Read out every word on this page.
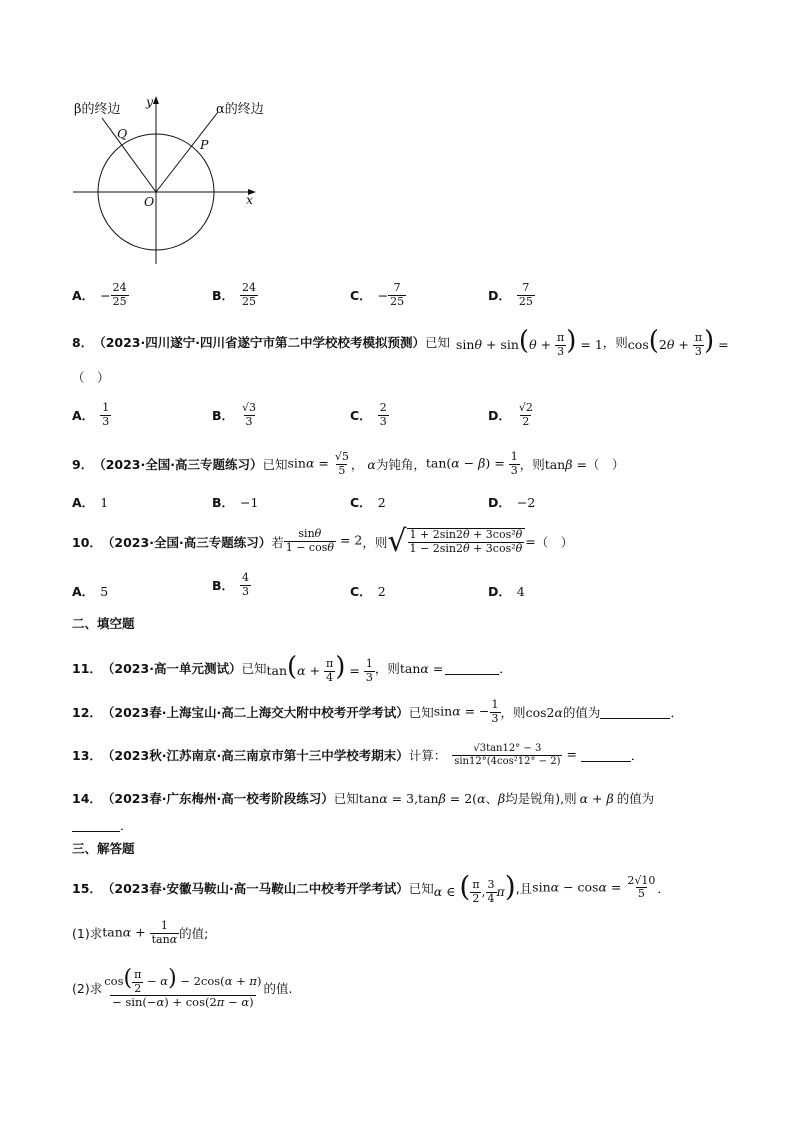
β的终边	α的终边
y
x
Q
P
O
A． − $\frac{24}{25}$	B． $\frac{24}{25}$	C． − $\frac{7}{25}$	D． $\frac{7}{25}$
8． （2023·四川遂宁·四川省遂宁市第二中学校校考模拟预测） 已知 $\sin\theta + \sin(\theta + \frac{\pi}{3}$ ) = 1 ，则 $\cos(2\theta + \frac{\pi}{3}$ ) =
（　）
A． $\frac{1}{3}$	B． $\frac{√3}{3}$	C． $\frac{2}{3}$	D． $\frac{√2}{2}$
9． （2023·全国·高三专题练习） 已知 $\sin\alpha = \frac{√5}{5}$ ， α 为钝角， $\tan(\alpha - \beta) = \frac{1}{3}$ ，则 tanβ = （　）
A． 1	B． −1	C． 2	D． −2
10． （2023·全国·高三专题练习） 若 $\frac{\sin\theta}{1 - \cos\theta} = 2$ ，则 √ $\frac{\text{1 + 2sin2θ + 3cos²θ}}{\text{1 − 2sin2θ + 3cos²θ}}$ = （　）
A． 5	B． $\frac{4}{3}$	C． 2	D． 4
二、填空题
11． （2023·高一单元测试） 已知 $\tan(\alpha + \frac{\pi}{4}$ ) = $\frac{1}{3}$ ，则 tanα =	．
12． （2023春·上海宝山·高二上海交大附中校考开学考试） 已知 sinα = − $\frac{1}{3}$ ，则 cos2α 的值为	．
13． （2023秋·江苏南京·高三南京市第十三中学校考期末） 计算： $\frac{√3\tan 12^\circ - 3}{\text{sin12°(4cos²12° − 2)}}$ =	．
14． （2023春·广东梅州·高一校考阶段练习） 已知 tanα = 3,tanβ = 2(α、β 均是锐角),则 α + β 的值为
．
三、解答题
15． （2023春·安徽马鞍山·高一马鞍山二中校考开学考试） 已知 α ∈ ( $\frac{\pi}{2}$ , $\frac{3}{4} \pi$) ,且 $\sin\alpha - \cos\alpha = \frac{2√10}{5}$ ．
(1)求 $\tan\alpha + \frac{1}{\tan\alpha}$ 的值;
(2)求 $\frac{\cos( \frac{\pi}{2} - \alpha) - 2\cos(\alpha + \pi)}{- \sin(-\alpha) + \cos(2\pi - \alpha)}$ 的值.
